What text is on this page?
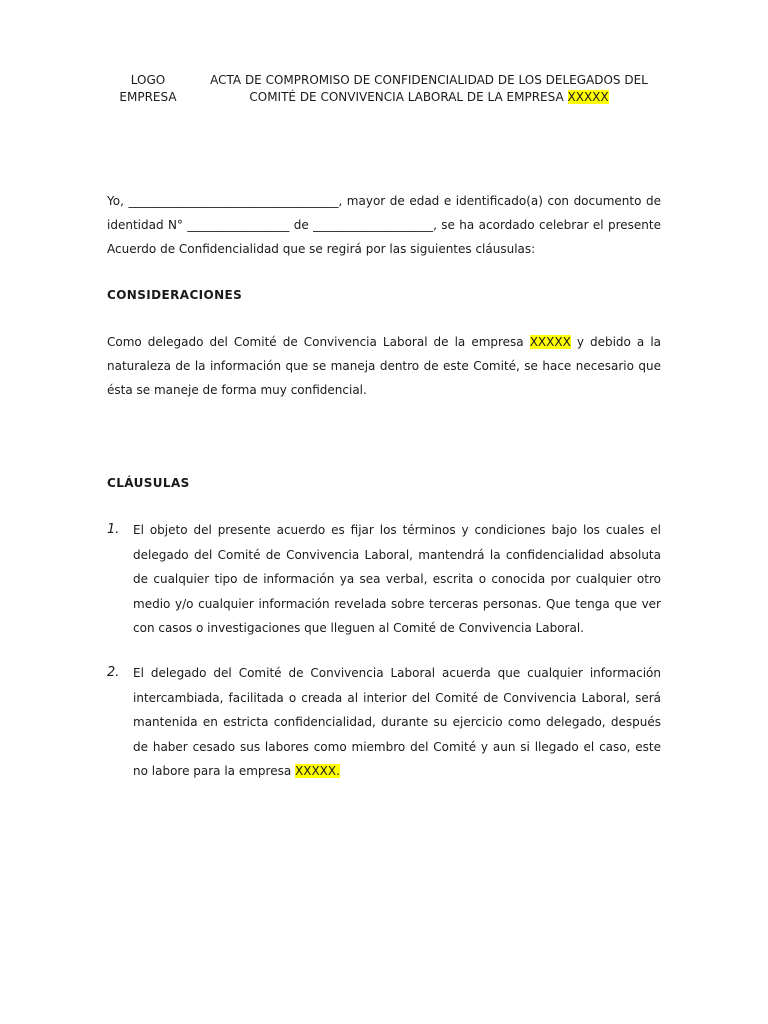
LOGO
EMPRESA
ACTA DE COMPROMISO DE CONFIDENCIALIDAD DE LOS DELEGADOS DEL
COMITÉ DE CONVIVENCIA LABORAL DE LA EMPRESA XXXXX
Yo, ___________________________________, mayor de edad e identificado(a) con documento de identidad N° _________________ de ____________________, se ha acordado celebrar el presente Acuerdo de Confidencialidad que se regirá por las siguientes cláusulas:
CONSIDERACIONES
Como delegado del Comité de Convivencia Laboral de la empresa XXXXX y debido a la naturaleza de la información que se maneja dentro de este Comité, se hace necesario que ésta se maneje de forma muy confidencial.
CLÁUSULAS
1. El objeto del presente acuerdo es fijar los términos y condiciones bajo los cuales el delegado del Comité de Convivencia Laboral, mantendrá la confidencialidad absoluta de cualquier tipo de información ya sea verbal, escrita o conocida por cualquier otro medio y/o cualquier información revelada sobre terceras personas. Que tenga que ver con casos o investigaciones que lleguen al Comité de Convivencia Laboral.
2. El delegado del Comité de Convivencia Laboral acuerda que cualquier información intercambiada, facilitada o creada al interior del Comité de Convivencia Laboral, será mantenida en estricta confidencialidad, durante su ejercicio como delegado, después de haber cesado sus labores como miembro del Comité y aun si llegado el caso, este no labore para la empresa XXXXX.
